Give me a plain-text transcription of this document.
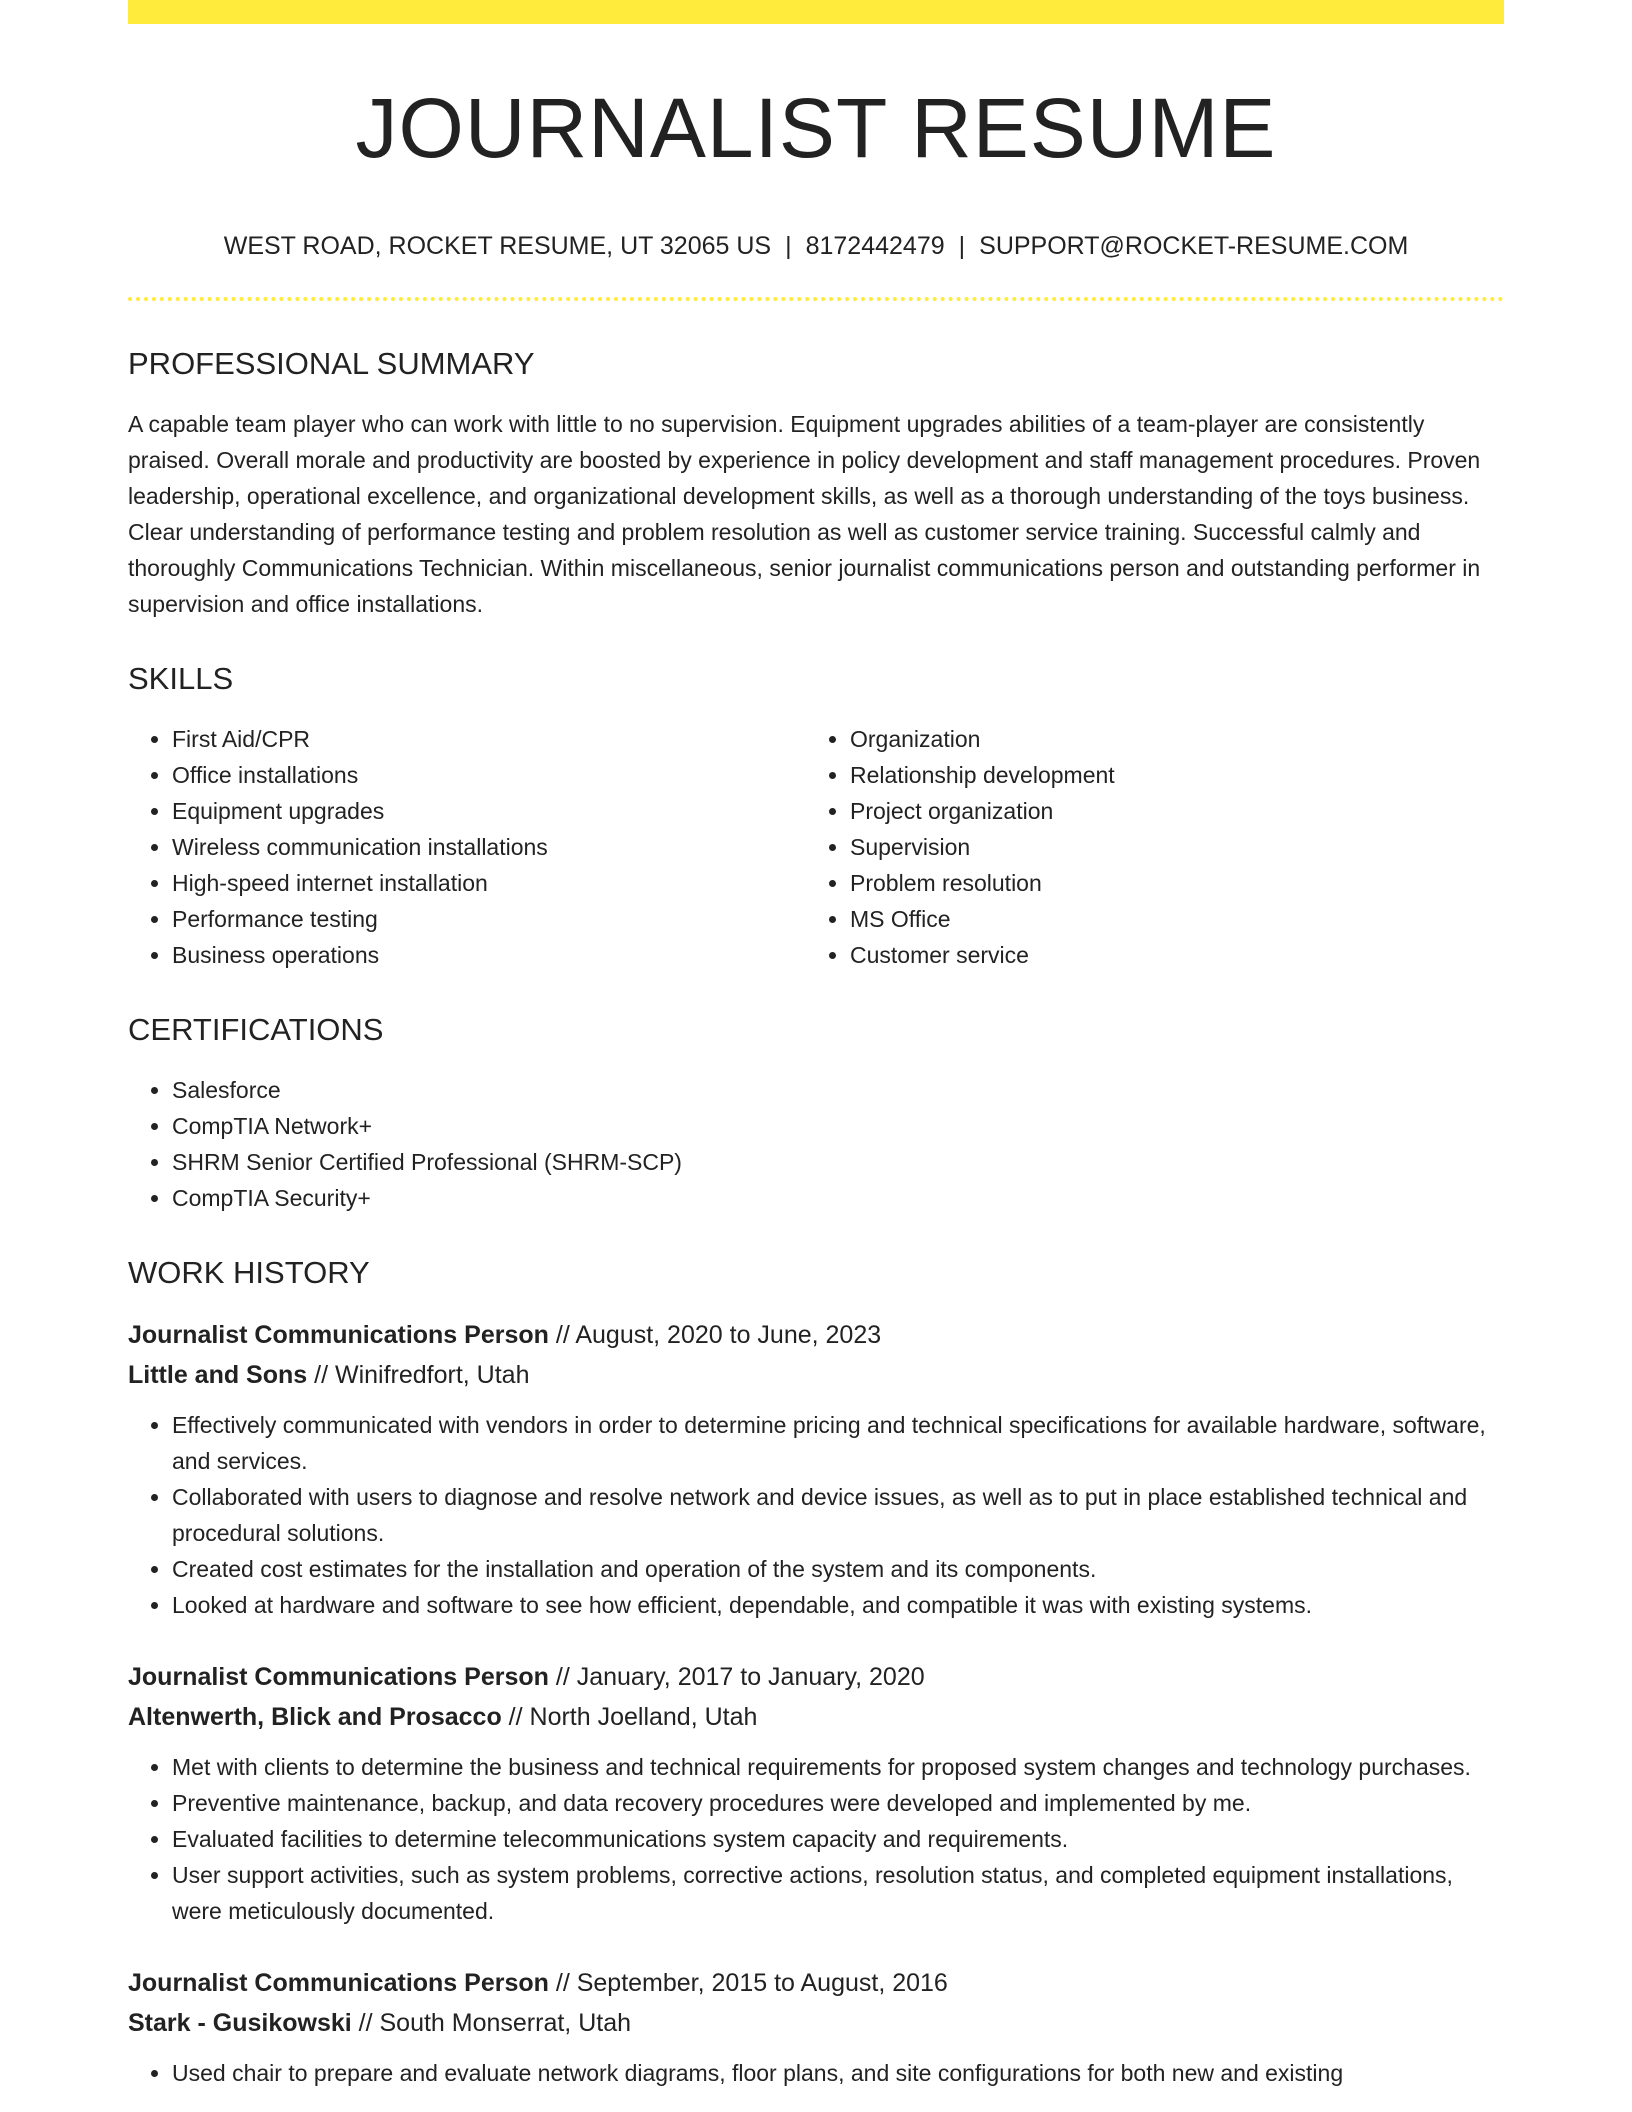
JOURNALIST RESUME
WEST ROAD, ROCKET RESUME, UT 32065 US | 8172442479 | SUPPORT@ROCKET-RESUME.COM
PROFESSIONAL SUMMARY

A capable team player who can work with little to no supervision. Equipment upgrades abilities of a team-player are consistently praised. Overall morale and productivity are boosted by experience in policy development and staff management procedures. Proven leadership, operational excellence, and organizational development skills, as well as a thorough understanding of the toys business. Clear understanding of performance testing and problem resolution as well as customer service training. Successful calmly and thoroughly Communications Technician. Within miscellaneous, senior journalist communications person and outstanding performer in supervision and office installations.

SKILLS
• First Aid/CPR
• Office installations
• Equipment upgrades
• Wireless communication installations
• High-speed internet installation
• Performance testing
• Business operations
• Organization
• Relationship development
• Project organization
• Supervision
• Problem resolution
• MS Office
• Customer service
CERTIFICATIONS
• Salesforce
• CompTIA Network+
• SHRM Senior Certified Professional (SHRM-SCP)
• CompTIA Security+
WORK HISTORY
Journalist Communications Person // August, 2020 to June, 2023
Little and Sons // Winifredfort, Utah
• Effectively communicated with vendors in order to determine pricing and technical specifications for available hardware, software, and services.
• Collaborated with users to diagnose and resolve network and device issues, as well as to put in place established technical and procedural solutions.
• Created cost estimates for the installation and operation of the system and its components.
• Looked at hardware and software to see how efficient, dependable, and compatible it was with existing systems.
Journalist Communications Person // January, 2017 to January, 2020
Altenwerth, Blick and Prosacco // North Joelland, Utah
• Met with clients to determine the business and technical requirements for proposed system changes and technology purchases.
• Preventive maintenance, backup, and data recovery procedures were developed and implemented by me.
• Evaluated facilities to determine telecommunications system capacity and requirements.
• User support activities, such as system problems, corrective actions, resolution status, and completed equipment installations, were meticulously documented.
Journalist Communications Person // September, 2015 to August, 2016
Stark - Gusikowski // South Monserrat, Utah
• Used chair to prepare and evaluate network diagrams, floor plans, and site configurations for both new and existing
